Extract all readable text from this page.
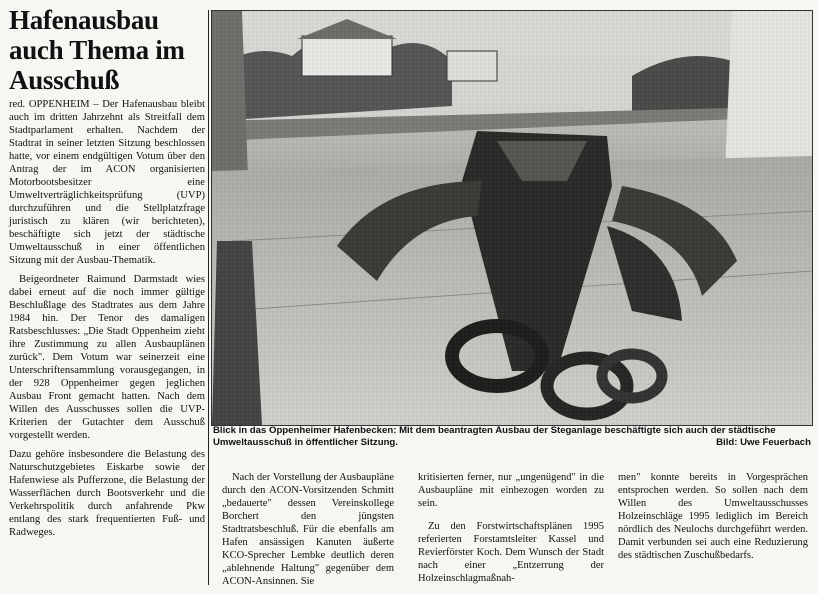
Hafenausbau auch Thema im Ausschuß

red. OPPENHEIM – Der Hafenausbau bleibt auch im dritten Jahrzehnt als Streitfall dem Stadtparlament erhalten. Nachdem der Stadtrat in seiner letzten Sitzung beschlossen hatte, vor einem endgültigen Votum über den Antrag der im ACON organisierten Motorbootsbesitzer eine Umweltverträglichkeitsprüfung (UVP) durchzuführen und die Stellplatzfrage juristisch zu klären (wir berichteten), beschäftigte sich jetzt der städtische Umweltausschuß in einer öffentlichen Sitzung mit der Ausbau-Thematik.

Beigeordneter Raimund Darmstadt wies dabei erneut auf die noch immer gültige Beschlußlage des Stadtrates aus dem Jahre 1984 hin. Der Tenor des damaligen Ratsbeschlusses: „Die Stadt Oppenheim zieht ihre Zustimmung zu allen Ausbauplänen zurück". Dem Votum war seinerzeit eine Unterschriftensammlung vorausgegangen, in der 928 Oppenheimer gegen jeglichen Ausbau Front gemacht hatten. Nach dem Willen des Ausschusses sollen die UVP-Kriterien der Gutachter dem Ausschuß vorgestellt werden.

Dazu gehöre insbesondere die Belastung des Naturschutzgebietes Eiskarbe sowie der Hafenwiese als Pufferzone, die Belastung der Wasserflächen durch Bootsverkehr und die Verkehrspolitik durch anfahrende Pkw entlang des stark frequentierten Fuß- und Radweges.

Blick in das Oppenheimer Hafenbecken: Mit dem beantragten Ausbau der Steganlage beschäftigte sich auch der städtische Umweltausschuß in öffentlicher Sitzung.	Bild: Uwe Feuerbach

Nach der Vorstellung der Ausbaupläne durch den ACON-Vorsitzenden Schmitt „bedauerte" dessen Vereinskollege Borchert den jüngsten Stadtratsbeschluß. Für die ebenfalls am Hafen ansässigen Kanuten äußerte KCO-Sprecher Lembke deutlich deren „ablehnende Haltung" gegenüber dem ACON-Ansinnen. Sie

kritisierten ferner, nur „ungenügend" in die Ausbaupläne mit einbezogen worden zu sein.

Zu den Forstwirtschaftsplänen 1995 referierten Forstamtsleiter Kassel und Revierförster Koch. Dem Wunsch der Stadt nach einer „Entzerrung der Holzeinschlagmaßnah-

men" konnte bereits in Vorgesprächen entsprochen werden. So sollen nach dem Willen des Umweltausschusses Holzeinschläge 1995 lediglich im Bereich nördlich des Neulochs durchgeführt werden. Damit verbunden sei auch eine Reduzierung des städtischen Zuschußbedarfs.
